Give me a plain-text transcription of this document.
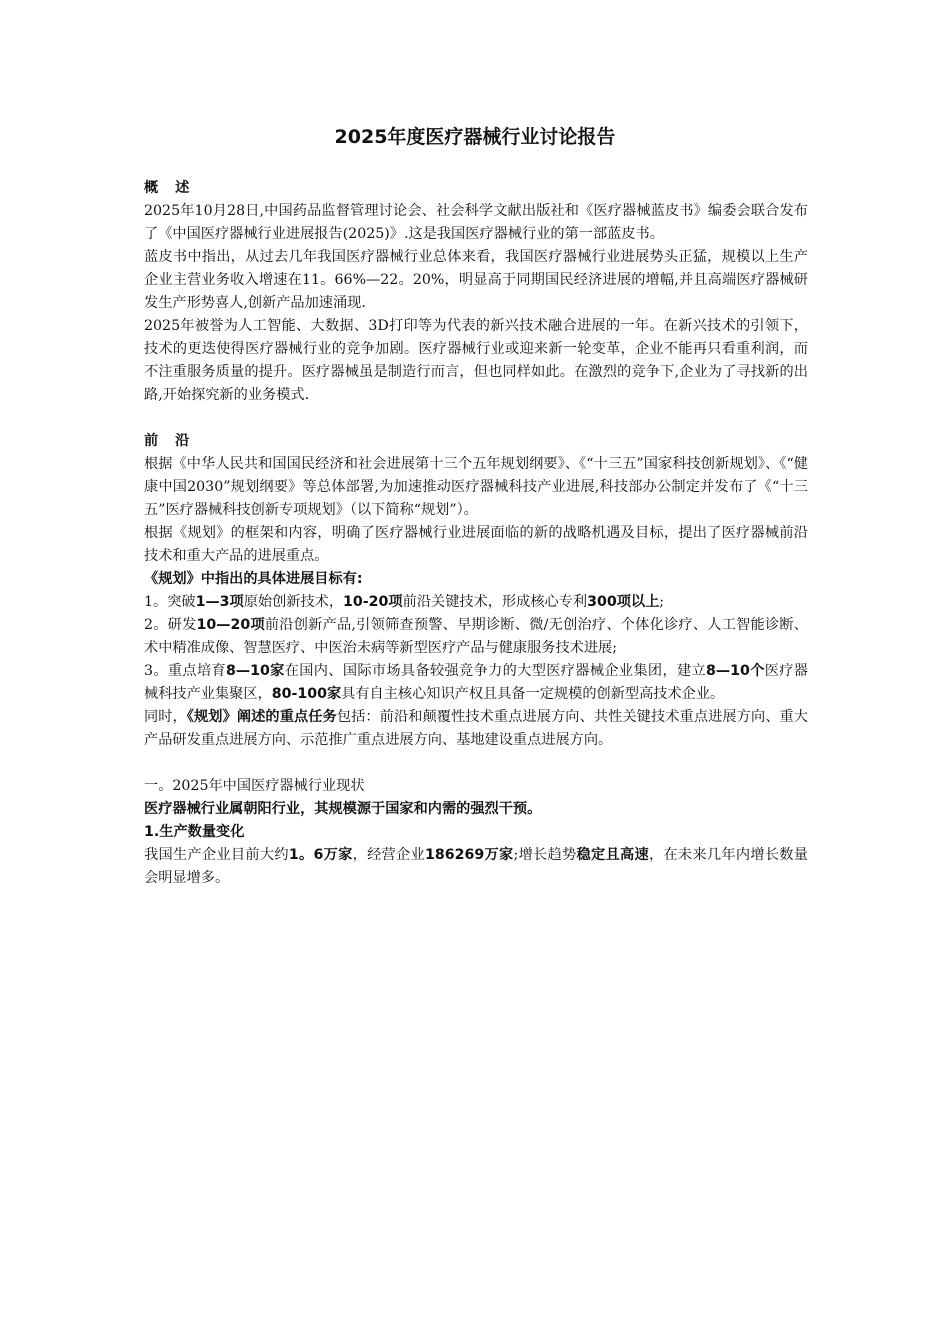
2025年度医疗器械行业讨论报告

概 述

2025年10月28日,中国药品监督管理讨论会、社会科学文献出版社和《医疗器械蓝皮书》编委会联合发布了《中国医疗器械行业进展报告(2025)》.这是我国医疗器械行业的第一部蓝皮书。

蓝皮书中指出，从过去几年我国医疗器械行业总体来看，我国医疗器械行业进展势头正猛，规模以上生产企业主营业务收入增速在11。66%—22。20%，明显高于同期国民经济进展的增幅,并且高端医疗器械研发生产形势喜人,创新产品加速涌现.

2025年被誉为人工智能、大数据、3D打印等为代表的新兴技术融合进展的一年。在新兴技术的引领下，技术的更迭使得医疗器械行业的竞争加剧。医疗器械行业或迎来新一轮变革，企业不能再只看重利润，而不注重服务质量的提升。医疗器械虽是制造行而言，但也同样如此。在激烈的竞争下,企业为了寻找新的出路,开始探究新的业务模式.

前 沿

根据《中华人民共和国国民经济和社会进展第十三个五年规划纲要》、《“十三五”国家科技创新规划》、《“健康中国2030”规划纲要》等总体部署,为加速推动医疗器械科技产业进展,科技部办公制定并发布了《“十三五”医疗器械科技创新专项规划》（以下简称“规划”）。

根据《规划》的框架和内容，明确了医疗器械行业进展面临的新的战略机遇及目标，提出了医疗器械前沿技术和重大产品的进展重点。

《规划》中指出的具体进展目标有:

1。突破1—3项原始创新技术，10-20项前沿关键技术，形成核心专利300项以上;

2。研发10—20项前沿创新产品,引领筛查预警、早期诊断、微/无创治疗、个体化诊疗、人工智能诊断、术中精准成像、智慧医疗、中医治未病等新型医疗产品与健康服务技术进展;

3。重点培育8—10家在国内、国际市场具备较强竞争力的大型医疗器械企业集团，建立8—10个医疗器械科技产业集聚区，80-100家具有自主核心知识产权且具备一定规模的创新型高技术企业。

同时，《规划》阐述的重点任务包括：前沿和颠覆性技术重点进展方向、共性关键技术重点进展方向、重大产品研发重点进展方向、示范推广重点进展方向、基地建设重点进展方向。

一。2025年中国医疗器械行业现状

医疗器械行业属朝阳行业，其规模源于国家和内需的强烈干预。

1.生产数量变化

我国生产企业目前大约1。6万家，经营企业186269万家;增长趋势稳定且高速，在未来几年内增长数量会明显增多。
